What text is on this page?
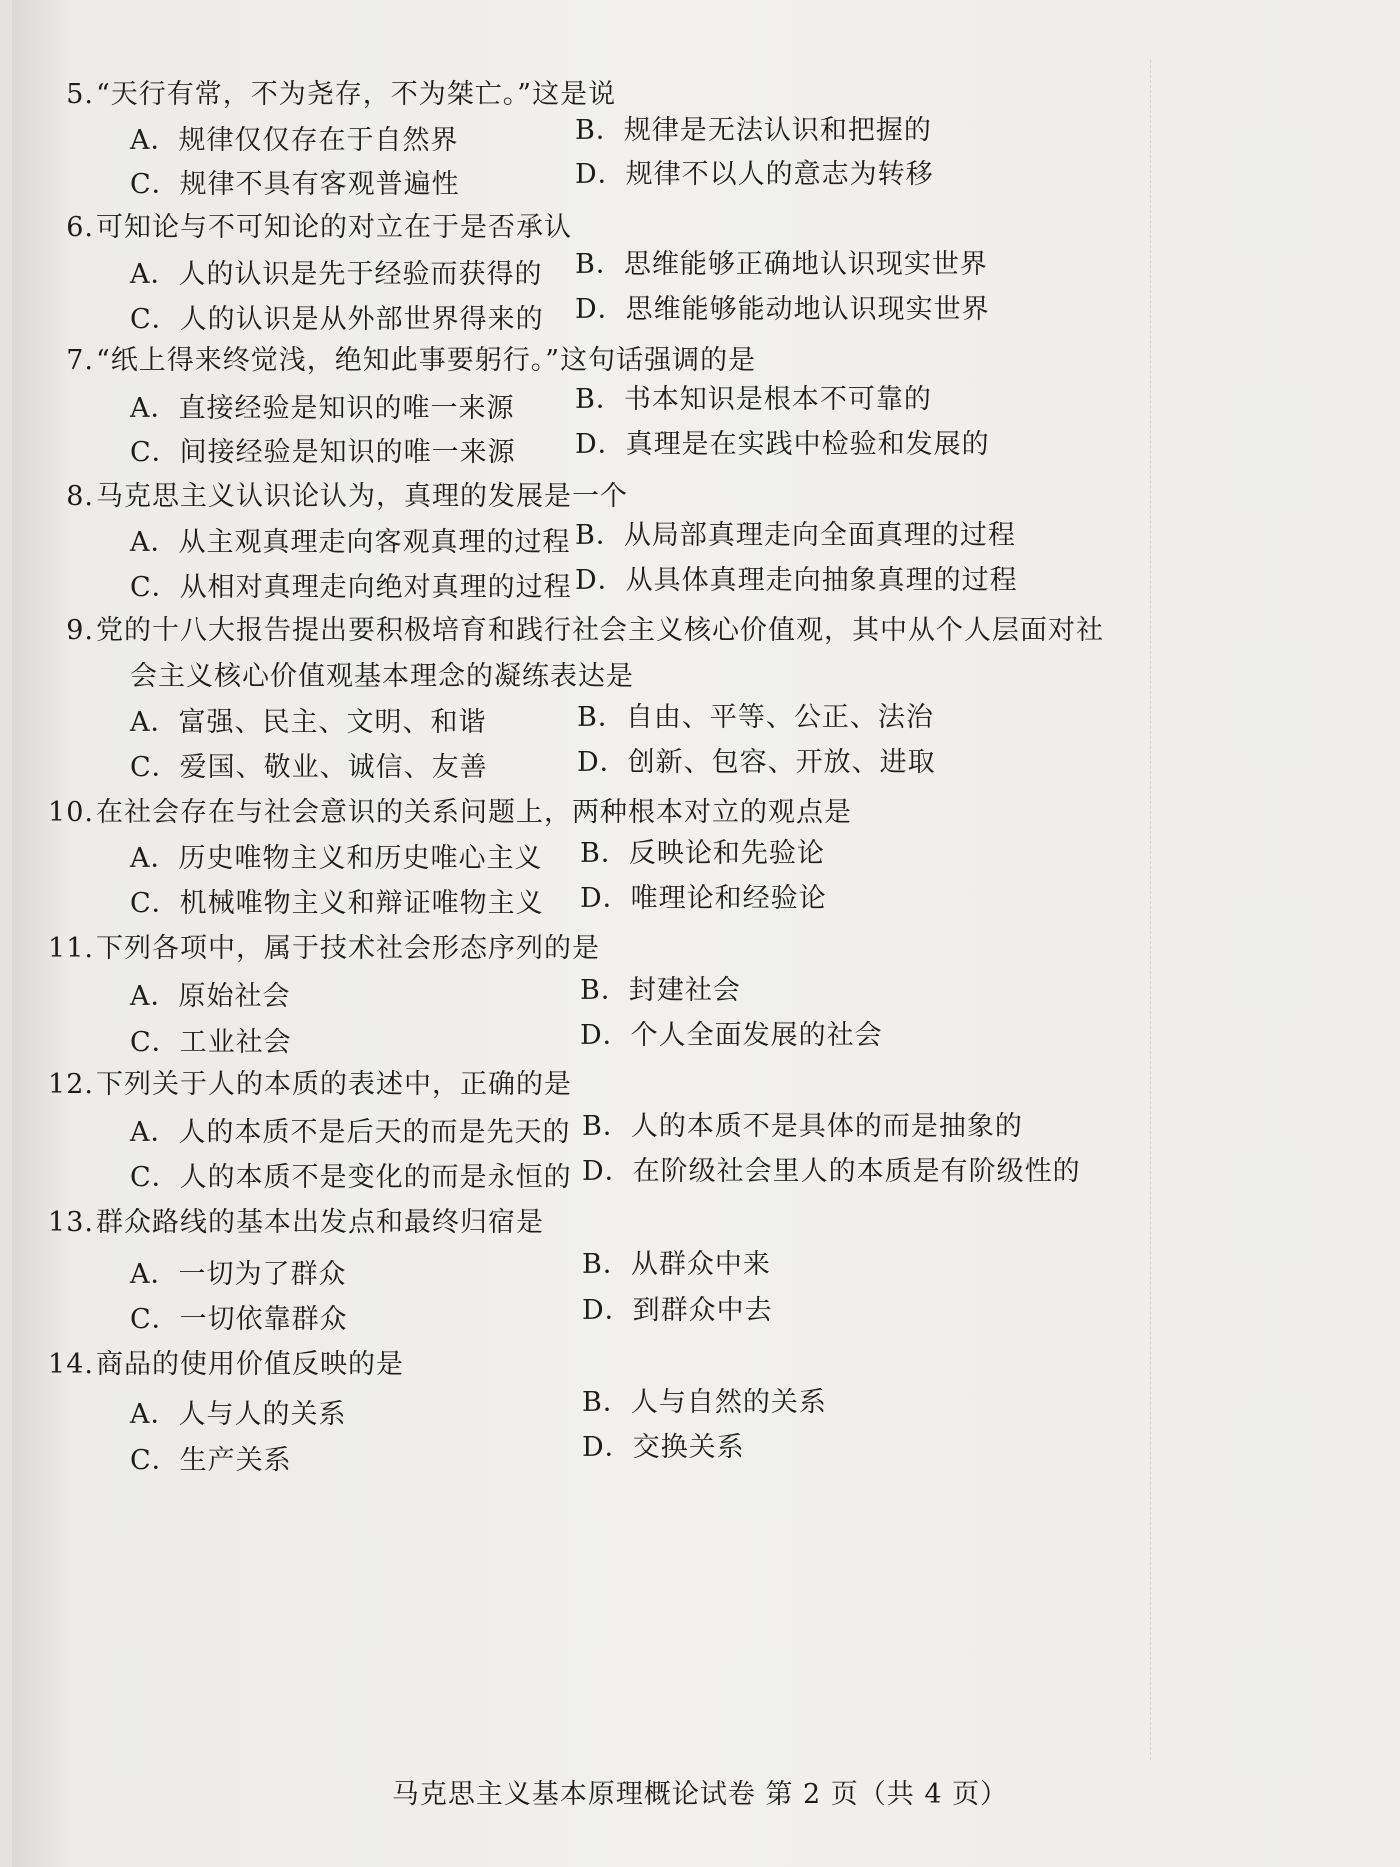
5.“天行有常，不为尧存，不为桀亡。”这是说
A．规律仅仅存在于自然界	B．规律是无法认识和把握的
C．规律不具有客观普遍性	D．规律不以人的意志为转移
6.可知论与不可知论的对立在于是否承认
A．人的认识是先于经验而获得的 B．思维能够正确地认识现实世界
C．人的认识是从外部世界得来的 D．思维能够能动地认识现实世界
7.“纸上得来终觉浅，绝知此事要躬行。”这句话强调的是
A．直接经验是知识的唯一来源 B．书本知识是根本不可靠的
C．间接经验是知识的唯一来源 D．真理是在实践中检验和发展的
8.马克思主义认识论认为，真理的发展是一个
A．从主观真理走向客观真理的过程 B．从局部真理走向全面真理的过程
C．从相对真理走向绝对真理的过程 D．从具体真理走向抽象真理的过程
9.党的十八大报告提出要积极培育和践行社会主义核心价值观，其中从个人层面对社
会主义核心价值观基本理念的凝练表达是
A．富强、民主、文明、和谐	B．自由、平等、公正、法治
C．爱国、敬业、诚信、友善	D．创新、包容、开放、进取
10.在社会存在与社会意识的关系问题上，两种根本对立的观点是
A．历史唯物主义和历史唯心主义 B．反映论和先验论
C．机械唯物主义和辩证唯物主义 D．唯理论和经验论
11.下列各项中，属于技术社会形态序列的是
A．原始社会	B．封建社会
C．工业社会	D．个人全面发展的社会
12.下列关于人的本质的表述中，正确的是
A．人的本质不是后天的而是先天的 B．人的本质不是具体的而是抽象的
C．人的本质不是变化的而是永恒的 D．在阶级社会里人的本质是有阶级性的
13.群众路线的基本出发点和最终归宿是
A．一切为了群众	B．从群众中来
C．一切依靠群众	D．到群众中去
14.商品的使用价值反映的是
A．人与人的关系	B．人与自然的关系
C．生产关系	D．交换关系
马克思主义基本原理概论试卷 第 2 页（共 4 页）
